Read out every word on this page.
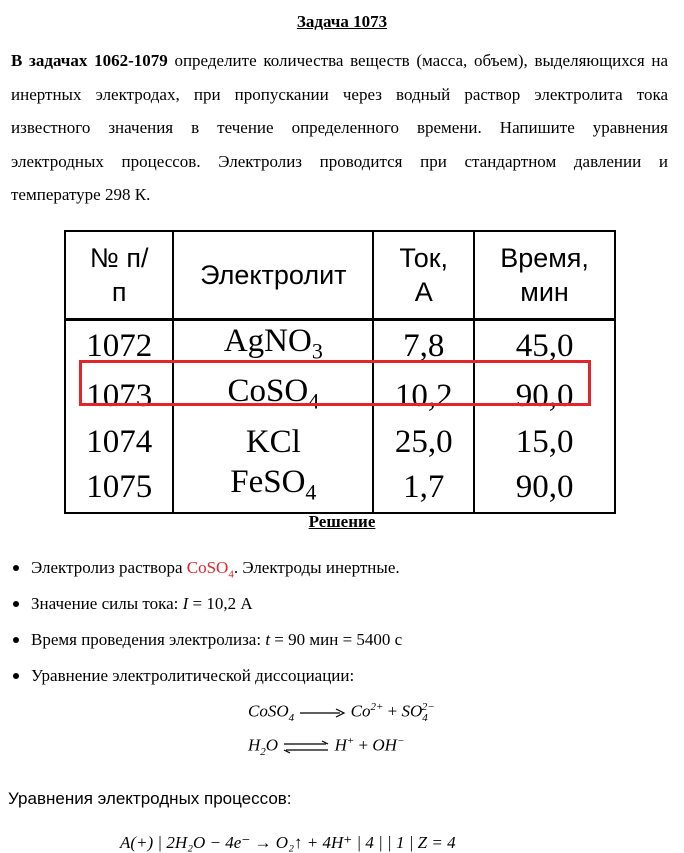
Задача 1073
В задачах 1062-1079 определите количества веществ (масса, объем), выделяющихся на инертных электродах, при пропускании через водный раствор электролита тока известного значения в течение определенного времени. Напишите уравнения электродных процессов. Электролиз проводится при стандартном давлении и температуре 298 К.
№ п/п	Электролит	Ток, А	Время, мин
1072	AgNO$_3$	7,8	45,0
1073	CoSO$_4$	10,2	90,0
1074	KCl	25,0	15,0
1075	FeSO$_4$	1,7	90,0
Решение
Электролиз раствора CoSO$_4$. Электроды инертные.
Значение силы тока: I = 10,2 А
Время проведения электролиза: t = 90 мин = 5400 с
Уравнение электролитической диссоциации:
CoSO$_4$	$Co^{2+} + SO_4^{2-}$
$H_2O$ ⇌ H+ + OH−
Уравнения электродных процессов:
A(+) | 2H₂O − 4e⁻ → O₂↑ + 4H⁺ | 4 | | 1 | Z = 4
